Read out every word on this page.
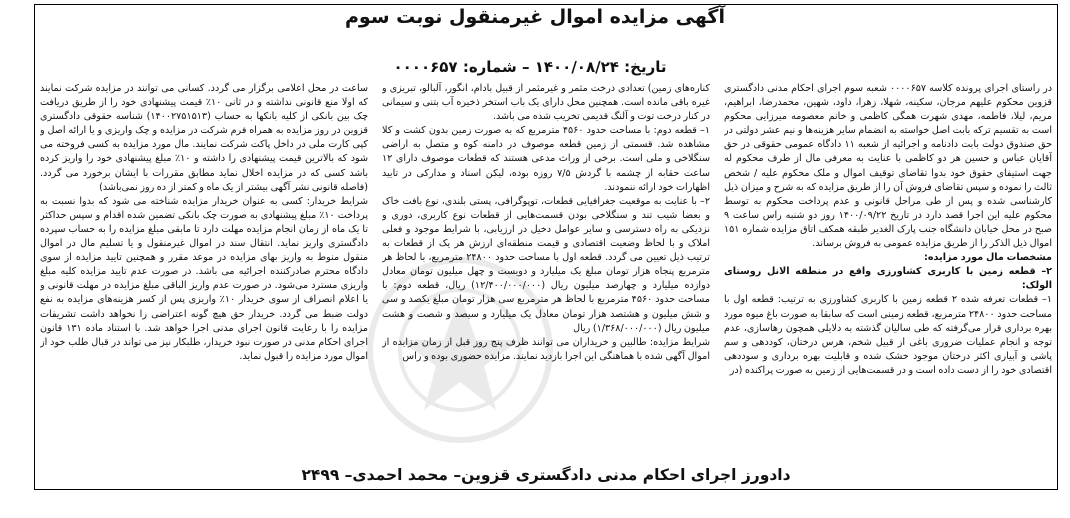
آگهی مزایده اموال غیرمنقول نوبت سوم
تاریخ: ۱۴۰۰/۰۸/۲۴ – شماره: ۰۰۰۰۶۵۷

در راستای اجرای پرونده کلاسه ۰۰۰۰۶۵۷ شعبه سوم اجرای احکام مدنی دادگستری قزوین محکوم علیهم مرجان، سکینه، شهلا، زهرا، داود، شهین، محمدرضا، ابراهیم، مریم، لیلا، فاطمه، مهدی شهرت همگی کاظمی و خانم معصومه میرزایی محکوم است به تقسیم ترکه بابت اصل خواسته به انضمام سایر هزینه‌ها و نیم عشر دولتی در حق صندوق دولت بابت دادنامه و اجرائیه از شعبه ۱۱ دادگاه عمومی حقوقی در حق آقایان عباس و حسین هر دو کاظمی با عنایت به معرفی مال از طرف محکوم له جهت استیفای حقوق خود بدوا تقاضای توقیف اموال و ملک محکوم علیه / شخص ثالث را نموده و سپس تقاضای فروش آن را از طریق مزایده که به شرح و میزان ذیل کارشناسی شده و پس از طی مراحل قانونی و عدم پرداخت محکوم به توسط محکوم علیه این اجرا قصد دارد در تاریخ ۱۴۰۰/۰۹/۲۲ روز دو شنبه راس ساعت ۹ صبح در محل خیابان دانشگاه جنب پارک الغدیر طبقه همکف اتاق مزایده شماره ۱۵۱ اموال ذیل الذکر را از طریق مزایده عمومی به فروش برساند.

مشخصات مال مورد مزایده:

۲– قطعه زمین با کاربری کشاورزی واقع در منطقه الانل روستای الولک:

۱– قطعات تعرفه شده ۲ قطعه زمین با کاربری کشاورزی به ترتیب: قطعه اول با مساحت حدود ۲۴۸۰۰ مترمربع، قطعه زمینی است که سابقا به صورت باغ میوه مورد بهره برداری قرار می‌گرفته که طی سالیان گذشته به دلایلی همچون رهاسازی، عدم توجه و انجام عملیات ضروری باغی از قبیل شخم، هرس درختان، کوددهی و سم پاشی و آبیاری اکثر درختان موجود خشک شده و قابلیت بهره برداری و سوددهی اقتصادی خود را از دست داده است و در قسمت‌هایی از زمین به صورت پراکنده (در

کناره‌های زمین) تعدادی درخت مثمر و غیرمثمر از قبیل بادام، انگور، آلبالو، تبریزی و غیره باقی مانده است. همچنین محل دارای یک باب استخر ذخیره آب بتنی و سیمانی در کنار درخت توت و آلنگ قدیمی تخریب شده می باشد.

۱– قطعه دوم: با مساحت حدود ۴۵۶۰ مترمربع که به صورت زمین بدون کشت و کلا مشاهده شد. قسمتی از زمین قطعه موصوف در دامنه کوه و متصل به اراضی سنگلاخی و ملی است. برخی از وراث مدعی هستند که قطعات موصوف دارای ۱۲ ساعت حقابه از چشمه با گردش ۷/۵ روزه بوده، لیکن اسناد و مدارکی در تایید اظهارات خود ارائه ننمودند.

۲– با عنایت به موقعیت جغرافیایی قطعات، توپوگرافی، پستی بلندی، نوع بافت خاک و بعضا شیب تند و سنگلاخی بودن قسمت‌هایی از قطعات نوع کاربری، دوری و نزدیکی به راه دسترسی و سایر عوامل دخیل در ارزیابی، با شرایط موجود و فعلی املاک و با لحاظ وضعیت اقتصادی و قیمت منطقه‌ای ارزش هر یک از قطعات به ترتیب ذیل تعیین می گردد. قطعه اول با مساحت حدود ۲۴۸۰۰ مترمربع، با لحاظ هر مترمربع پنجاه هزار تومان مبلغ یک میلیارد و دویست و چهل میلیون تومان معادل دوازده میلیارد و چهارصد میلیون ریال (۱۲/۴۰۰/۰۰۰/۰۰۰) ریال، قطعه دوم: با مساحت حدود ۴۵۶۰ مترمربع با لحاظ هر مترمربع سی هزار تومان مبلغ یکصد و سی و شش میلیون و هشتصد هزار تومان معادل یک میلیارد و سیصد و شصت و هشت میلیون ریال (۱/۳۶۸/۰۰۰/۰۰۰) ریال

شرایط مزایده: طالبین و خریداران می توانند ظرف پنج روز قبل از زمان مزایده از اموال آگهی شده با هماهنگی این اجرا بازدید نمایند. مزایده حضوری بوده و راس

ساعت در محل اعلامی برگزار می گردد. کسانی می توانند در مزایده شرکت نمایند که اولا منع قانونی نداشته و در ثانی ۱۰٪ قیمت پیشنهادی خود را از طریق دریافت چک بین بانکی از کلیه بانکها به حساب (۱۴۰۰۲۷۵۱۵۱۳) شناسه حقوقی دادگستری قزوین در روز مزایده به همراه فرم شرکت در مزایده و چک واریزی و یا ارائه اصل و کپی کارت ملی در داخل پاکت شرکت نمایند. مال مورد مزایده به کسی فروخته می شود که بالاترین قیمت پیشنهادی را داشته و ۱۰٪ مبلغ پیشنهادی خود را واریز کرده باشد کسی که در مزایده اخلال نماید مطابق مقررات با ایشان برخورد می گردد. (فاصله قانونی نشر آگهی بیشتر از یک ماه و کمتر از ده روز نمی‌باشد)

شرایط خریدار: کسی به عنوان خریدار مزایده شناخته می شود که بدوا نسبت به پرداخت ۱۰٪ مبلغ پیشنهادی به صورت چک بانکی تضمین شده اقدام و سپس حداکثر تا یک ماه از زمان انجام مزایده مهلت دارد تا مابقی مبلغ مزایده را به حساب سپرده دادگستری واریز نماید. انتقال سند در اموال غیرمنقول و یا تسلیم مال در اموال منقول منوط به واریز بهای مزایده در موعد مقرر و همچنین تایید مزایده از سوی دادگاه محترم صادرکننده اجرائیه می باشد. در صورت عدم تایید مزایده کلیه مبلغ واریزی مسترد می‌شود. در صورت عدم واریز الباقی مبلغ مزایده در مهلت قانونی و یا اعلام انصراف از سوی خریدار ۱۰٪ واریزی پس از کسر هزینه‌های مزایده به نفع دولت ضبط می گردد. خریدار حق هیچ گونه اعتراضی را نخواهد داشت تشریفات مزایده را با رعایت قانون اجرای مدنی اجرا خواهد شد. با استناد ماده ۱۳۱ قانون اجرای احکام مدنی در صورت نبود خریدار، طلبکار نیز می تواند در قبال طلب خود از اموال مورد مزایده را قبول نماید.

دادورز اجرای احکام مدنی دادگستری قزوین– محمد احمدی– ۲۴۹۹
